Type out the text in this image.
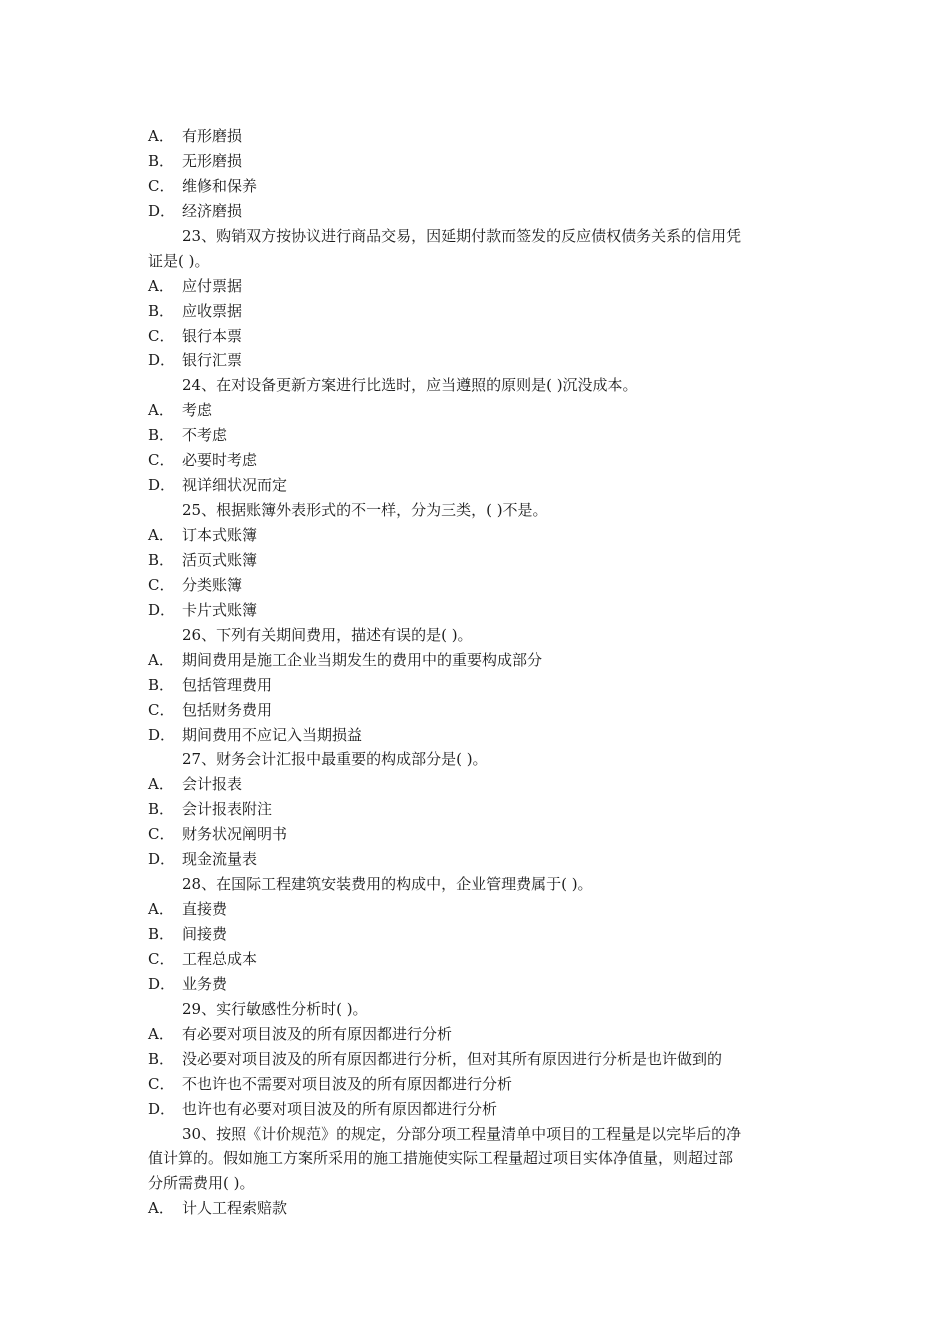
A． 有形磨损
B． 无形磨损
C． 维修和保养
D． 经济磨损
23、购销双方按协议进行商品交易，因延期付款而签发的反应债权债务关系的信用凭
证是( )。
A． 应付票据
B． 应收票据
C． 银行本票
D． 银行汇票
24、在对设备更新方案进行比选时，应当遵照的原则是( )沉没成本。
A． 考虑
B． 不考虑
C． 必要时考虑
D． 视详细状况而定
25、根据账簿外表形式的不一样，分为三类，( )不是。
A． 订本式账簿
B． 活页式账簿
C． 分类账簿
D． 卡片式账簿
26、下列有关期间费用，描述有误的是( )。
A． 期间费用是施工企业当期发生的费用中的重要构成部分
B． 包括管理费用
C． 包括财务费用
D． 期间费用不应记入当期损益
27、财务会计汇报中最重要的构成部分是( )。
A． 会计报表
B． 会计报表附注
C． 财务状况阐明书
D． 现金流量表
28、在国际工程建筑安装费用的构成中，企业管理费属于( )。
A． 直接费
B． 间接费
C． 工程总成本
D． 业务费
29、实行敏感性分析时( )。
A． 有必要对项目波及的所有原因都进行分析
B． 没必要对项目波及的所有原因都进行分析，但对其所有原因进行分析是也许做到的
C． 不也许也不需要对项目波及的所有原因都进行分析
D． 也许也有必要对项目波及的所有原因都进行分析
30、按照《计价规范》的规定，分部分项工程量清单中项目的工程量是以完毕后的净
值计算的。假如施工方案所采用的施工措施使实际工程量超过项目实体净值量，则超过部
分所需费用( )。
A． 计人工程索赔款
